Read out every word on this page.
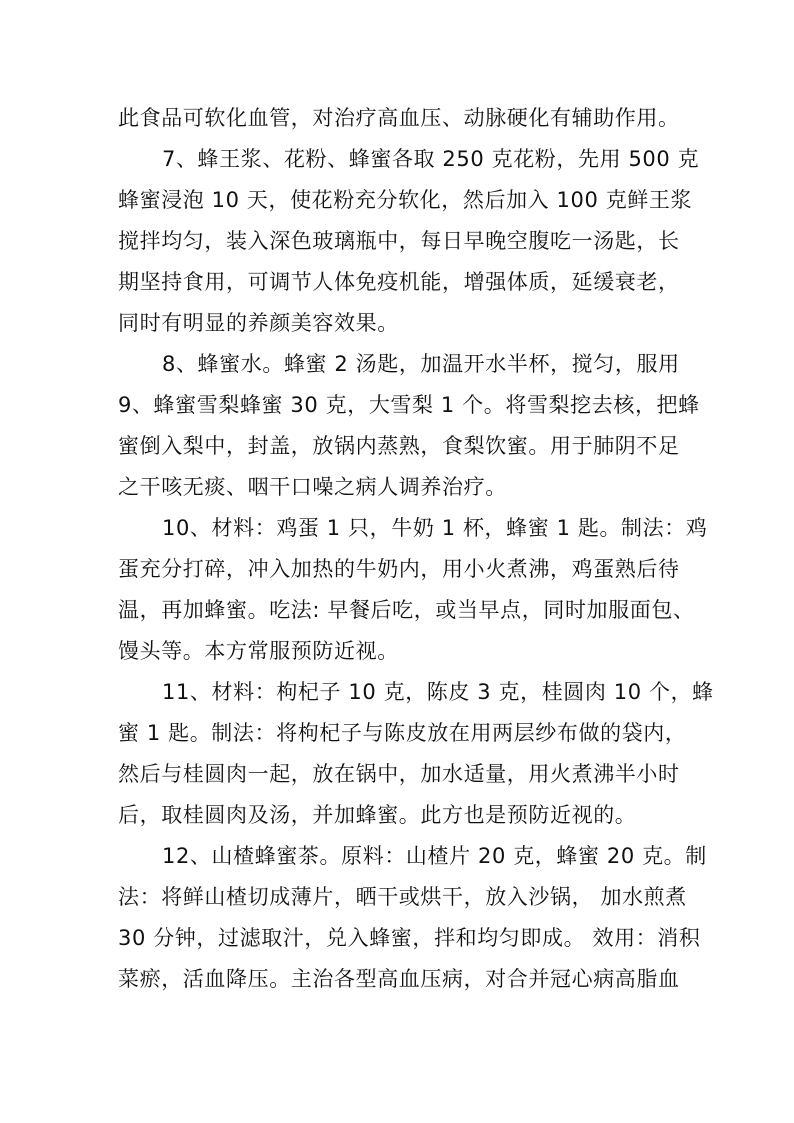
此食品可软化血管，对治疗高血压、动脉硬化有辅助作用。
7、蜂王浆、花粉、蜂蜜各取 250 克花粉，先用 500 克
蜂蜜浸泡 10 天，使花粉充分软化，然后加入 100 克鲜王浆
搅拌均匀，装入深色玻璃瓶中，每日早晚空腹吃一汤匙，长
期坚持食用，可调节人体免疫机能，增强体质，延缓衰老，
同时有明显的养颜美容效果。
8、蜂蜜水。蜂蜜 2 汤匙，加温开水半杯，搅匀，服用
9、蜂蜜雪梨蜂蜜 30 克，大雪梨 1 个。将雪梨挖去核，把蜂
蜜倒入梨中，封盖，放锅内蒸熟，食梨饮蜜。用于肺阴不足
之干咳无痰、咽干口噪之病人调养治疗。
10、材料：鸡蛋 1 只，牛奶 1 杯，蜂蜜 1 匙。制法：鸡
蛋充分打碎，冲入加热的牛奶内，用小火煮沸，鸡蛋熟后待
温，再加蜂蜜。吃法: 早餐后吃，或当早点，同时加服面包、
馒头等。本方常服预防近视。
11、材料：枸杞子 10 克，陈皮 3 克，桂圆肉 10 个，蜂
蜜 1 匙。制法：将枸杞子与陈皮放在用两层纱布做的袋内，
然后与桂圆肉一起，放在锅中，加水适量，用火煮沸半小时
后，取桂圆肉及汤，并加蜂蜜。此方也是预防近视的。
12、山楂蜂蜜茶。原料：山楂片 20 克，蜂蜜 20 克。制
法：将鲜山楂切成薄片，晒干或烘干，放入沙锅， 加水煎煮
30 分钟，过滤取汁，兑入蜂蜜，拌和均匀即成。 效用：消积
菜瘀，活血降压。主治各型高血压病，对合并冠心病高脂血
